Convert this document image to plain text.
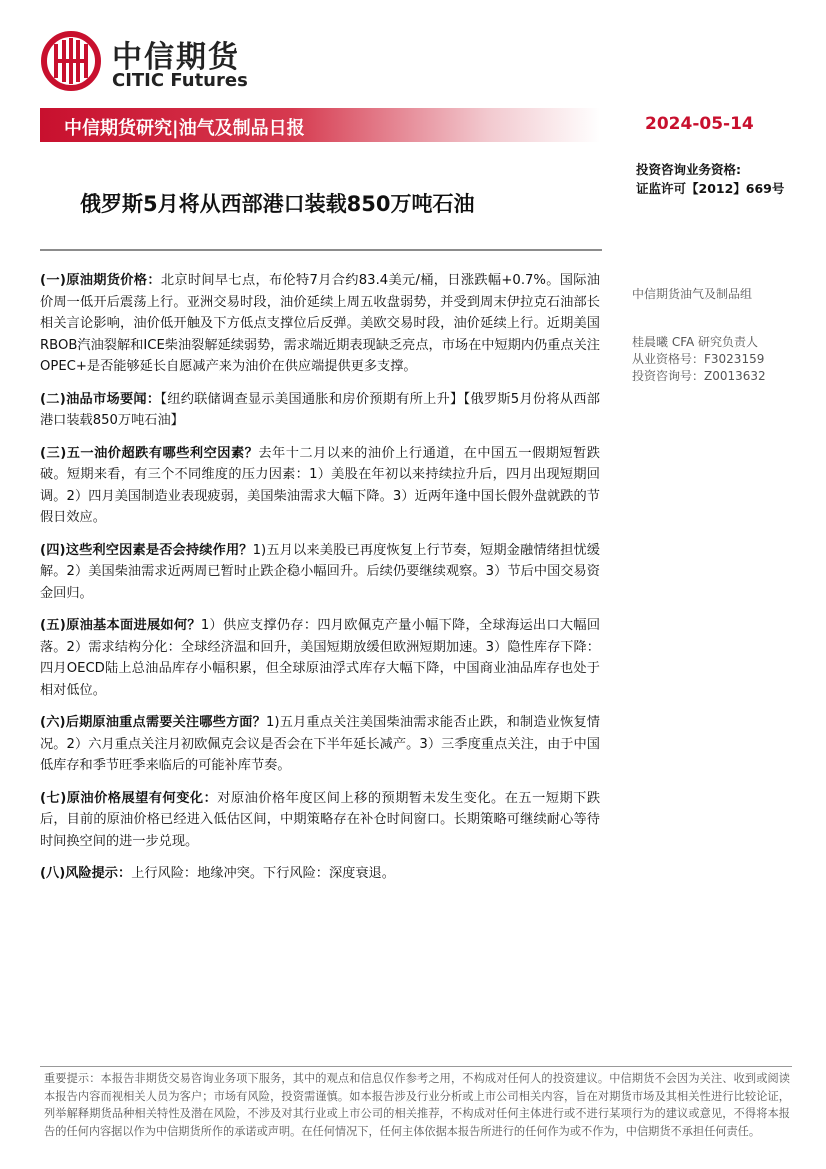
中信期货
CITIC Futures
中信期货研究|油气及制品日报	2024-05-14
投资咨询业务资格:
证监许可【2012】669号
俄罗斯5月将从西部港口装载850万吨石油
中信期货油气及制品组
桂晨曦 CFA 研究负责人
从业资格号：F3023159
投资咨询号：Z0013632

(一)原油期货价格：北京时间早七点，布伦特7月合约83.4美元/桶，日涨跌幅+0.7%。国际油价周一低开后震荡上行。亚洲交易时段，油价延续上周五收盘弱势，并受到周末伊拉克石油部长相关言论影响，油价低开触及下方低点支撑位后反弹。美欧交易时段，油价延续上行。近期美国RBOB汽油裂解和ICE柴油裂解延续弱势，需求端近期表现缺乏亮点，市场在中短期内仍重点关注OPEC+是否能够延长自愿减产来为油价在供应端提供更多支撑。

(二)油品市场要闻：【纽约联储调查显示美国通胀和房价预期有所上升】【俄罗斯5月份将从西部港口装载850万吨石油】

(三)五一油价超跌有哪些利空因素？去年十二月以来的油价上行通道，在中国五一假期短暂跌破。短期来看，有三个不同维度的压力因素：1）美股在年初以来持续拉升后，四月出现短期回调。2）四月美国制造业表现疲弱，美国柴油需求大幅下降。3）近两年逢中国长假外盘就跌的节假日效应。

(四)这些利空因素是否会持续作用？1)五月以来美股已再度恢复上行节奏，短期金融情绪担忧缓解。2）美国柴油需求近两周已暂时止跌企稳小幅回升。后续仍要继续观察。3）节后中国交易资金回归。

(五)原油基本面进展如何？1）供应支撑仍存：四月欧佩克产量小幅下降，全球海运出口大幅回落。2）需求结构分化：全球经济温和回升，美国短期放缓但欧洲短期加速。3）隐性库存下降：四月OECD陆上总油品库存小幅积累，但全球原油浮式库存大幅下降，中国商业油品库存也处于相对低位。

(六)后期原油重点需要关注哪些方面？1)五月重点关注美国柴油需求能否止跌，和制造业恢复情况。2）六月重点关注月初欧佩克会议是否会在下半年延长减产。3）三季度重点关注，由于中国低库存和季节旺季来临后的可能补库节奏。

(七)原油价格展望有何变化：对原油价格年度区间上移的预期暂未发生变化。在五一短期下跌后，目前的原油价格已经进入低估区间，中期策略存在补仓时间窗口。长期策略可继续耐心等待时间换空间的进一步兑现。

(八)风险提示：上行风险：地缘冲突。下行风险：深度衰退。

重要提示：本报告非期货交易咨询业务项下服务，其中的观点和信息仅作参考之用，不构成对任何人的投资建议。中信期货不会因为关注、收到或阅读本报告内容而视相关人员为客户；市场有风险，投资需谨慎。如本报告涉及行业分析或上市公司相关内容，旨在对期货市场及其相关性进行比较论证，列举解释期货品种相关特性及潜在风险，不涉及对其行业或上市公司的相关推荐，不构成对任何主体进行或不进行某项行为的建议或意见，不得将本报告的任何内容据以作为中信期货所作的承诺或声明。在任何情况下，任何主体依据本报告所进行的任何作为或不作为，中信期货不承担任何责任。
